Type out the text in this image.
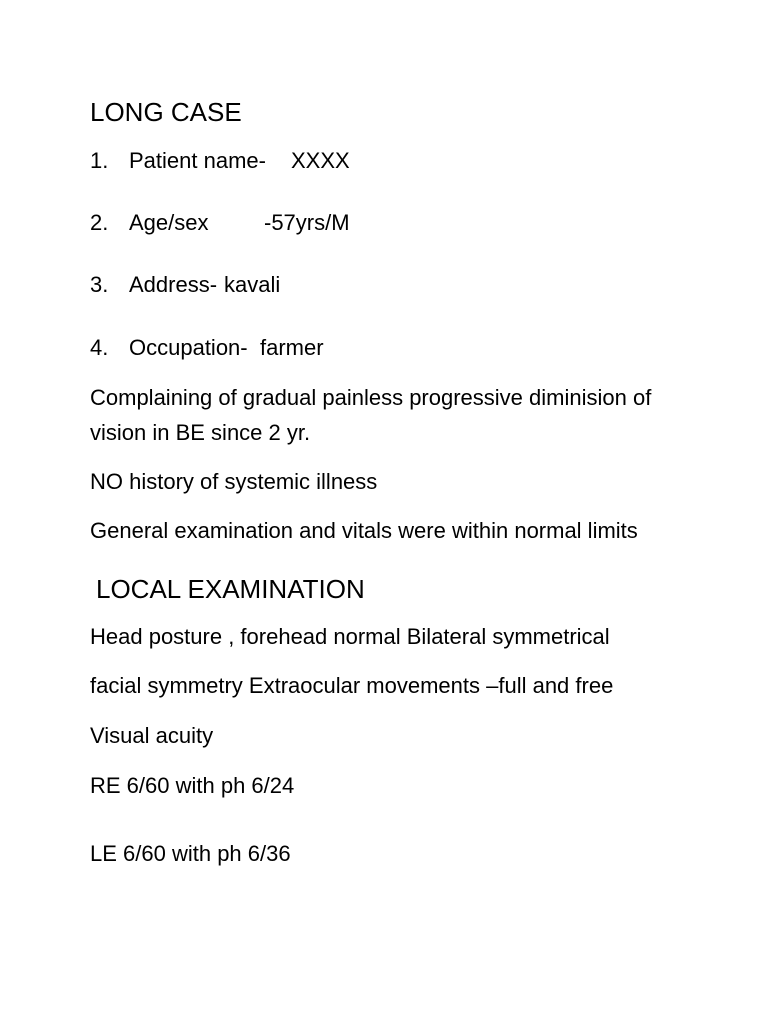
LONG CASE
1. Patient name- XXXX
2. Age/sex	-57yrs/M
3. Address- kavali
4. Occupation- farmer

Complaining of gradual painless progressive diminision of vision in BE since 2 yr.

NO history of systemic illness

General examination and vitals were within normal limits

LOCAL EXAMINATION

Head posture , forehead normal Bilateral symmetrical

facial symmetry Extraocular movements –full and free

Visual acuity

RE 6/60 with ph 6/24

LE 6/60 with ph 6/36
